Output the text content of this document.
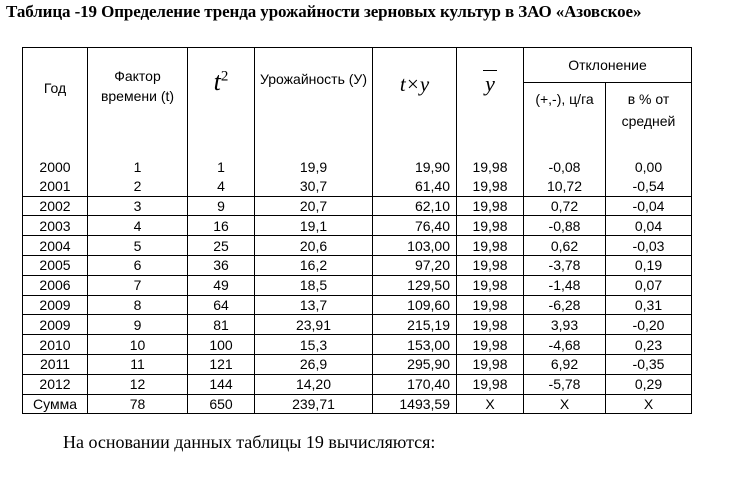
Таблица -19 Определение тренда урожайности зерновых культур в ЗАО «Азовское»
Год	Фактор времени (t)	$t^2$	Урожайность (У)	t×y	y	Отклонение	
						(+,-), ц/га	в % от средней
2000	1	1	19,9	19,90	19,98	-0,08	0,00
2001	2	4	30,7	61,40	19,98	10,72	-0,54
2002	3	9	20,7	62,10	19,98	0,72	-0,04
2003	4	16	19,1	76,40	19,98	-0,88	0,04
2004	5	25	20,6	103,00	19,98	0,62	-0,03
2005	6	36	16,2	97,20	19,98	-3,78	0,19
2006	7	49	18,5	129,50	19,98	-1,48	0,07
2009	8	64	13,7	109,60	19,98	-6,28	0,31
2009	9	81	23,91	215,19	19,98	3,93	-0,20
2010	10	100	15,3	153,00	19,98	-4,68	0,23
2011	11	121	26,9	295,90	19,98	6,92	-0,35
2012	12	144	14,20	170,40	19,98	-5,78	0,29
Сумма	78	650	239,71	1493,59	X	X	X
На основании данных таблицы 19 вычисляются:
